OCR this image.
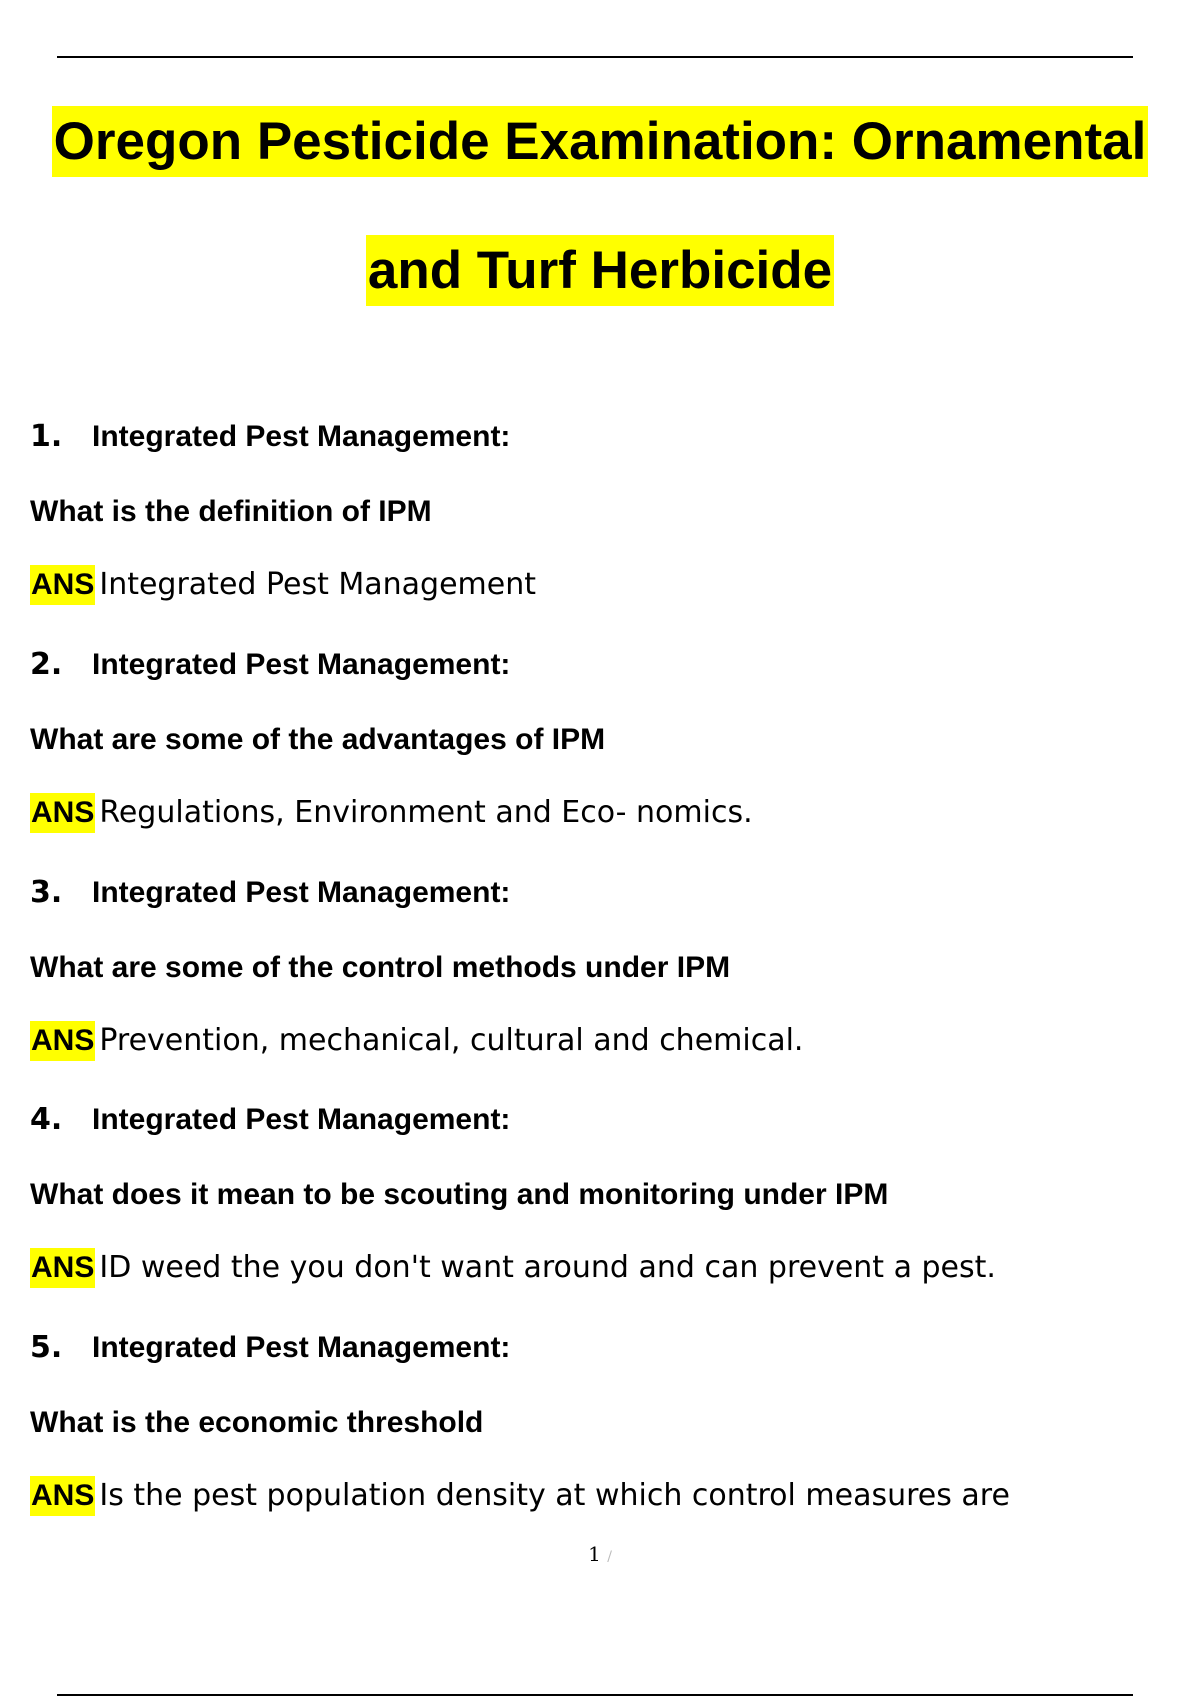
Oregon Pesticide Examination: Ornamental
and Turf Herbicide
1. Integrated Pest Management:
What is the definition of IPM
ANS Integrated Pest Management
2. Integrated Pest Management:
What are some of the advantages of IPM
ANS Regulations, Environment and Eco- nomics.
3. Integrated Pest Management:
What are some of the control methods under IPM
ANS Prevention, mechanical, cultural and chemical.
4. Integrated Pest Management:
What does it mean to be scouting and monitoring under IPM
ANS ID weed the you don't want around and can prevent a pest.
5. Integrated Pest Management:
What is the economic threshold
ANS Is the pest population density at which control measures are
1 /
